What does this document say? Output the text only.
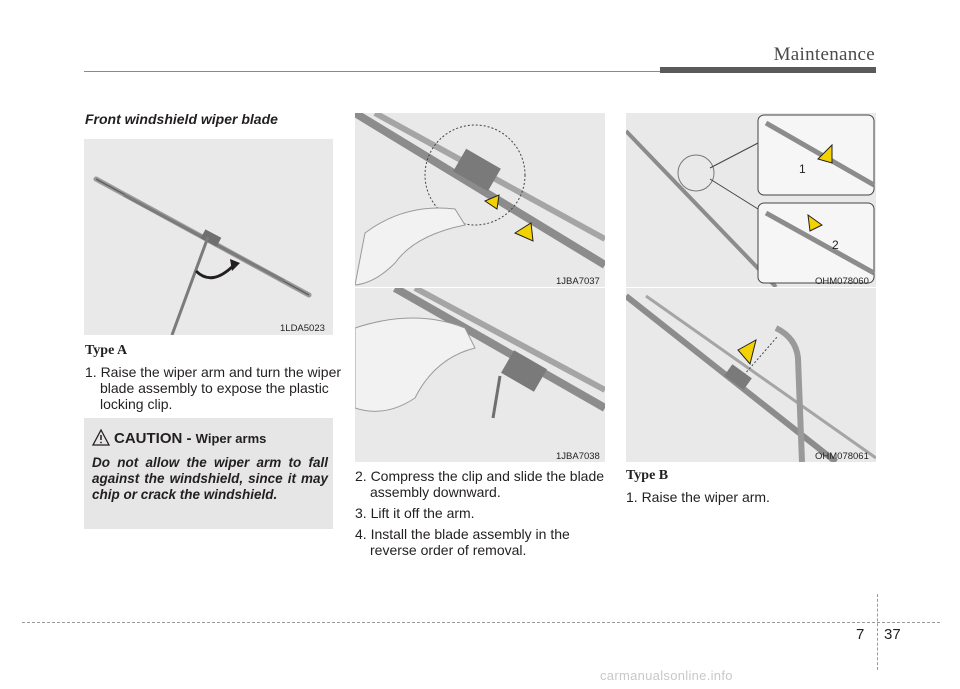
Maintenance
Front windshield wiper blade
1LDA5023
Type A
1. Raise the wiper arm and turn the wiper blade assembly to expose the plastic locking clip.
CAUTION - Wiper arms
Do not allow the wiper arm to fall against the windshield, since it may chip or crack the windshield.
1JBA7037
1JBA7038
2. Compress the clip and slide the blade assembly downward.
3. Lift it off the arm.
4. Install the blade assembly in the reverse order of removal.
1
2
OHM078060
OHM078061
Type B
1. Raise the wiper arm.
7 37
carmanualsonline.info
